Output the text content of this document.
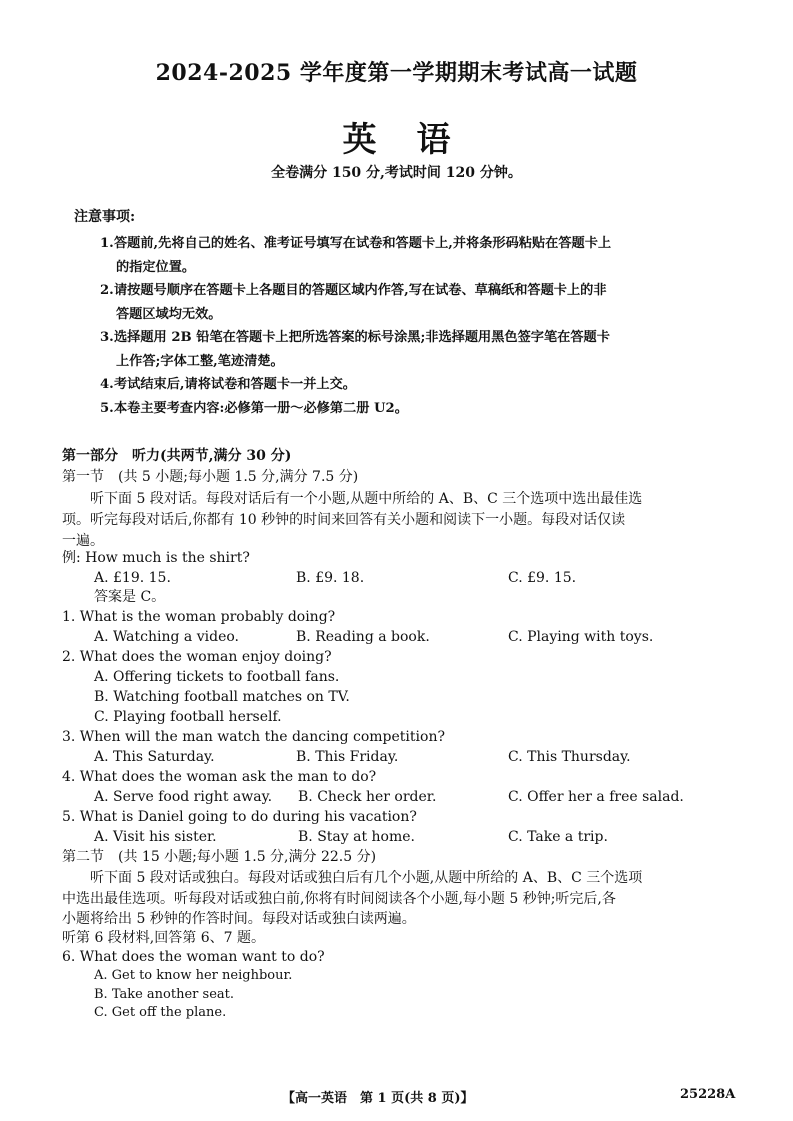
2024-2025 学年度第一学期期末考试高一试题
英语
全卷满分 150 分,考试时间 120 分钟。
注意事项:
1.答题前,先将自己的姓名、准考证号填写在试卷和答题卡上,并将条形码粘贴在答题卡上
的指定位置。
2.请按题号顺序在答题卡上各题目的答题区域内作答,写在试卷、草稿纸和答题卡上的非
答题区域均无效。
3.选择题用 2B 铅笔在答题卡上把所选答案的标号涂黑;非选择题用黑色签字笔在答题卡
上作答;字体工整,笔迹清楚。
4.考试结束后,请将试卷和答题卡一并上交。
5.本卷主要考查内容:必修第一册～必修第二册 U2。
第一部分　听力(共两节,满分 30 分)
第一节　(共 5 小题;每小题 1.5 分,满分 7.5 分)
　　听下面 5 段对话。每段对话后有一个小题,从题中所给的 A、B、C 三个选项中选出最佳选
项。听完每段对话后,你都有 10 秒钟的时间来回答有关小题和阅读下一小题。每段对话仅读
一遍。
例: How much is the shirt?
A. £19. 15.	B. £9. 18.	C. £9. 15.
答案是 C。
1. What is the woman probably doing?
A. Watching a video.	B. Reading a book.	C. Playing with toys.
2. What does the woman enjoy doing?
A. Offering tickets to football fans.
B. Watching football matches on TV.
C. Playing football herself.
3. When will the man watch the dancing competition?
A. This Saturday.	B. This Friday.	C. This Thursday.
4. What does the woman ask the man to do?
A. Serve food right away. B. Check her order.	C. Offer her a free salad.
5. What is Daniel going to do during his vacation?
A. Visit his sister.	B. Stay at home.	C. Take a trip.
第二节　(共 15 小题;每小题 1.5 分,满分 22.5 分)
　　听下面 5 段对话或独白。每段对话或独白后有几个小题,从题中所给的 A、B、C 三个选项
中选出最佳选项。听每段对话或独白前,你将有时间阅读各个小题,每小题 5 秒钟;听完后,各
小题将给出 5 秒钟的作答时间。每段对话或独白读两遍。
听第 6 段材料,回答第 6、7 题。
6. What does the woman want to do?
A. Get to know her neighbour.
B. Take another seat.
C. Get off the plane.
【高一英语　第 1 页(共 8 页)】	25228A
